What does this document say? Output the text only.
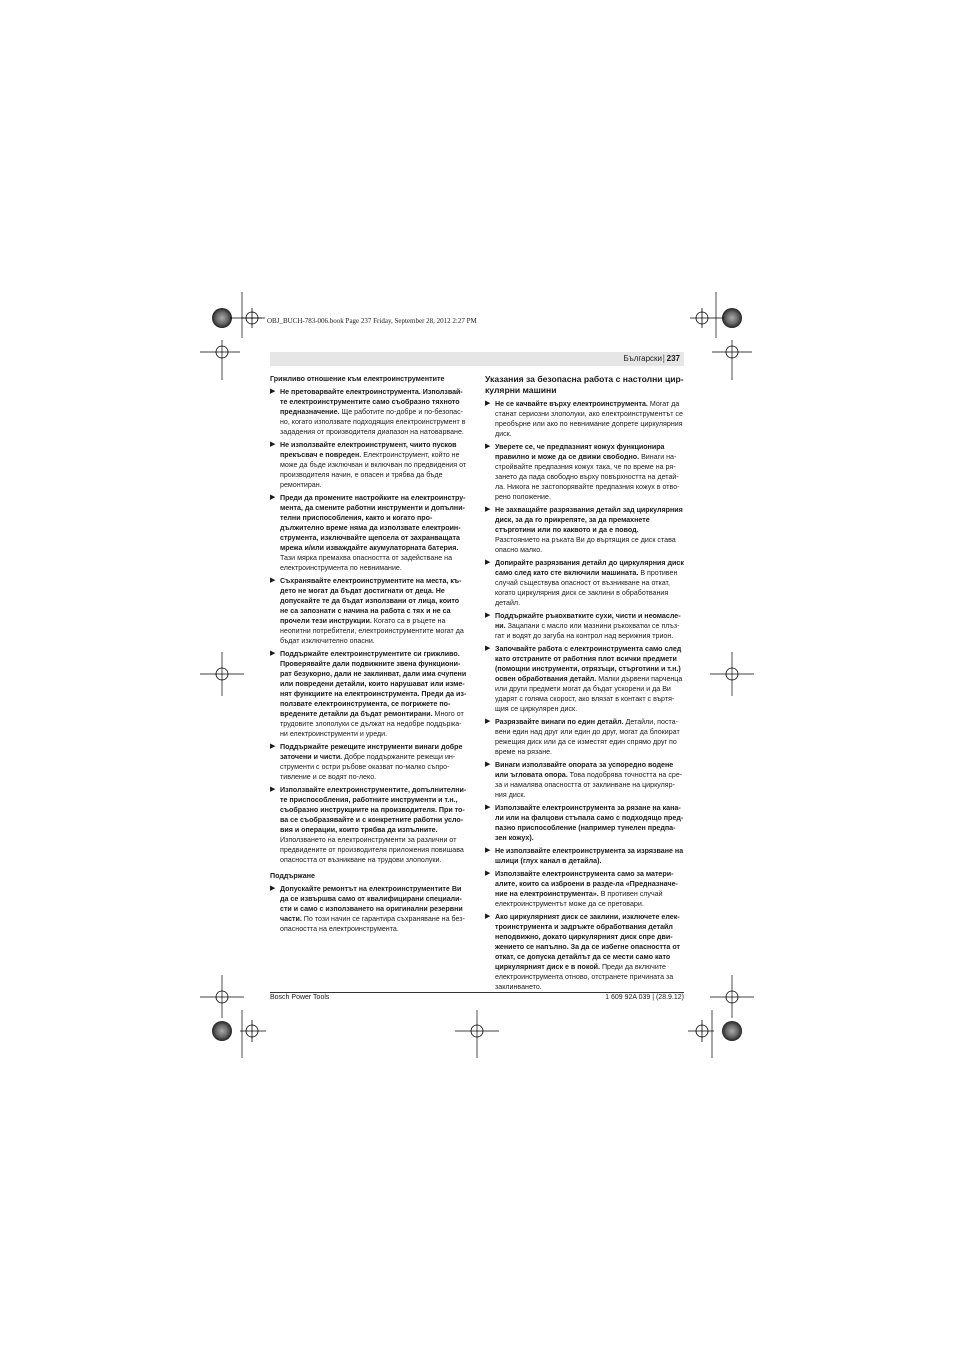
OBJ_BUCH-783-006.book Page 237 Friday, September 28, 2012 2:27 PM
Български | 237
Грижливо отношение към електроинструментите
▶ Не претоварвайте електроинструмента. Използвайте електроинструментите само съобразно тяхното предназначение. Ще работите по-добре и по-безопасно, когато използвате подходящия електроинструмент в зададения от производителя диапазон на натоварване.
▶ Не използвайте електроинструмент, чиито пусков прекъсвач е повреден. Електроинструмент, който не може да бъде изключван и включван по предвидения от производителя начин, е опасен и трябва да бъде ремонтиран.
▶ Преди да промените настройките на електроинструмента, да смените работни инструменти и допълнителни приспособления, както и когато продължително време няма да използвате електроинструмента, изключвайте щепсела от захранващата мрежа и/или изваждайте акумулаторната батерия. Тази мярка премахва опасността от задействане на електроинструмента по невнимание.
▶ Съхранявайте електроинструментите на места, където не могат да бъдат достигнати от деца. Не допускайте те да бъдат използвани от лица, които не са запознати с начина на работа с тях и не са прочели тези инструкции. Когато са в ръцете на неопитни потребители, електроинструментите могат да бъдат изключително опасни.
▶ Поддържайте електроинструментите си грижливо. Проверявайте дали подвижните звена функционират безукорно, дали не заклинват, дали има счупени или повредени детайли, които нарушават или изменят функциите на електроинструмента. Преди да използвате електроинструмента, се погрижете повредените детайли да бъдат ремонтирани. Много от трудовите злополуки се дължат на недобре поддържани електроинструменти и уреди.
▶ Поддържайте режещите инструменти винаги добре заточени и чисти. Добре поддържаните режещи инструменти с остри ръбове оказват по-малко съпротивление и се водят по-леко.
▶ Използвайте електроинструментите, допълнителните приспособления, работните инструменти и т.н., съобразно инструкциите на производителя. При това се съобразявайте и с конкретните работни условия и операции, които трябва да изпълните. Използването на електроинструменти за различни от предвидените от производителя приложения повишава опасността от възникване на трудови злополуки.
Поддържане
▶ Допускайте ремонтът на електроинструментите Ви да се извършва само от квалифицирани специалисти и само с използването на оригинални резервни части. По този начин се гарантира съхраняване на безопасността на електроинструмента.
Указания за безопасна работа с настолни циркулярни машини
▶ Не се качвайте върху електроинструмента. Могат да станат сериозни злополуки, ако електроинструментът се преобърне или ако по невнимание допрете циркулярния диск.
▶ Уверете се, че предпазният кожух функционира правилно и може да се движи свободно. Винаги настройвайте предпазния кожух така, че по време на рязането да пада свободно върху повърхността на детайла. Никога не застопорявайте предпазния кожух в отворено положение.
▶ Не захващайте разрязвания детайл зад циркулярния диск, за да го прикрепяте, за да премахнете стърготини или по каквото и да е повод. Разстоянието на ръката Ви до въртящия се диск става опасно малко.
▶ Допирайте разрязвания детайл до циркулярния диск само след като сте включили машината. В противен случай съществува опасност от възникване на откат, когато циркулярния диск се заклини в обработвания детайл.
▶ Поддържайте ръкохватките сухи, чисти и неомаслени. Зацапани с масло или мазнини ръкохватки се плъзгат и водят до загуба на контрол над верижния трион.
▶ Започвайте работа с електроинструмента само след като отстраните от работния плот всички предмети (помощни инструменти, отрязъци, стърготини и т.н.) освен обработвания детайл. Малки дървени парченца или други предмети могат да бъдат ускорени и да Ви ударят с голяма скорост, ако влязат в контакт с въртящия се циркулярен диск.
▶ Разрязвайте винаги по един детайл. Детайли, поставени един над друг или един до друг, могат да блокират режещия диск или да се изместят един спрямо друг по време на рязане.
▶ Винаги използвайте опората за успоредно водене или ъгловата опора. Това подобрява точността на среза и намалява опасността от заклинване на циркулярния диск.
▶ Използвайте електроинструмента за рязане на канали или на фалцови стъпала само с подходящо предпазно приспособление (например тунелен предпазен кожух).
▶ Не използвайте електроинструмента за изрязване на шлици (глух канал в детайла).
▶ Използвайте електроинструмента само за материалите, които са изброени в разде-ла «Предназначение на електроинструмента». В противен случай електроинструментът може да се претовари.
▶ Ако циркулярният диск се заклини, изключете електроинструмента и задръжте обработвания детайл неподвижно, докато циркулярният диск спре движението се напълно. За да се избегне опасността от откат, се допуска детайлът да се мести само като циркулярният диск е в покой. Преди да включите електроинструмента отново, отстранете причината за заклинването.
Bosch Power Tools	1 609 92A 039 | (28.9.12)
